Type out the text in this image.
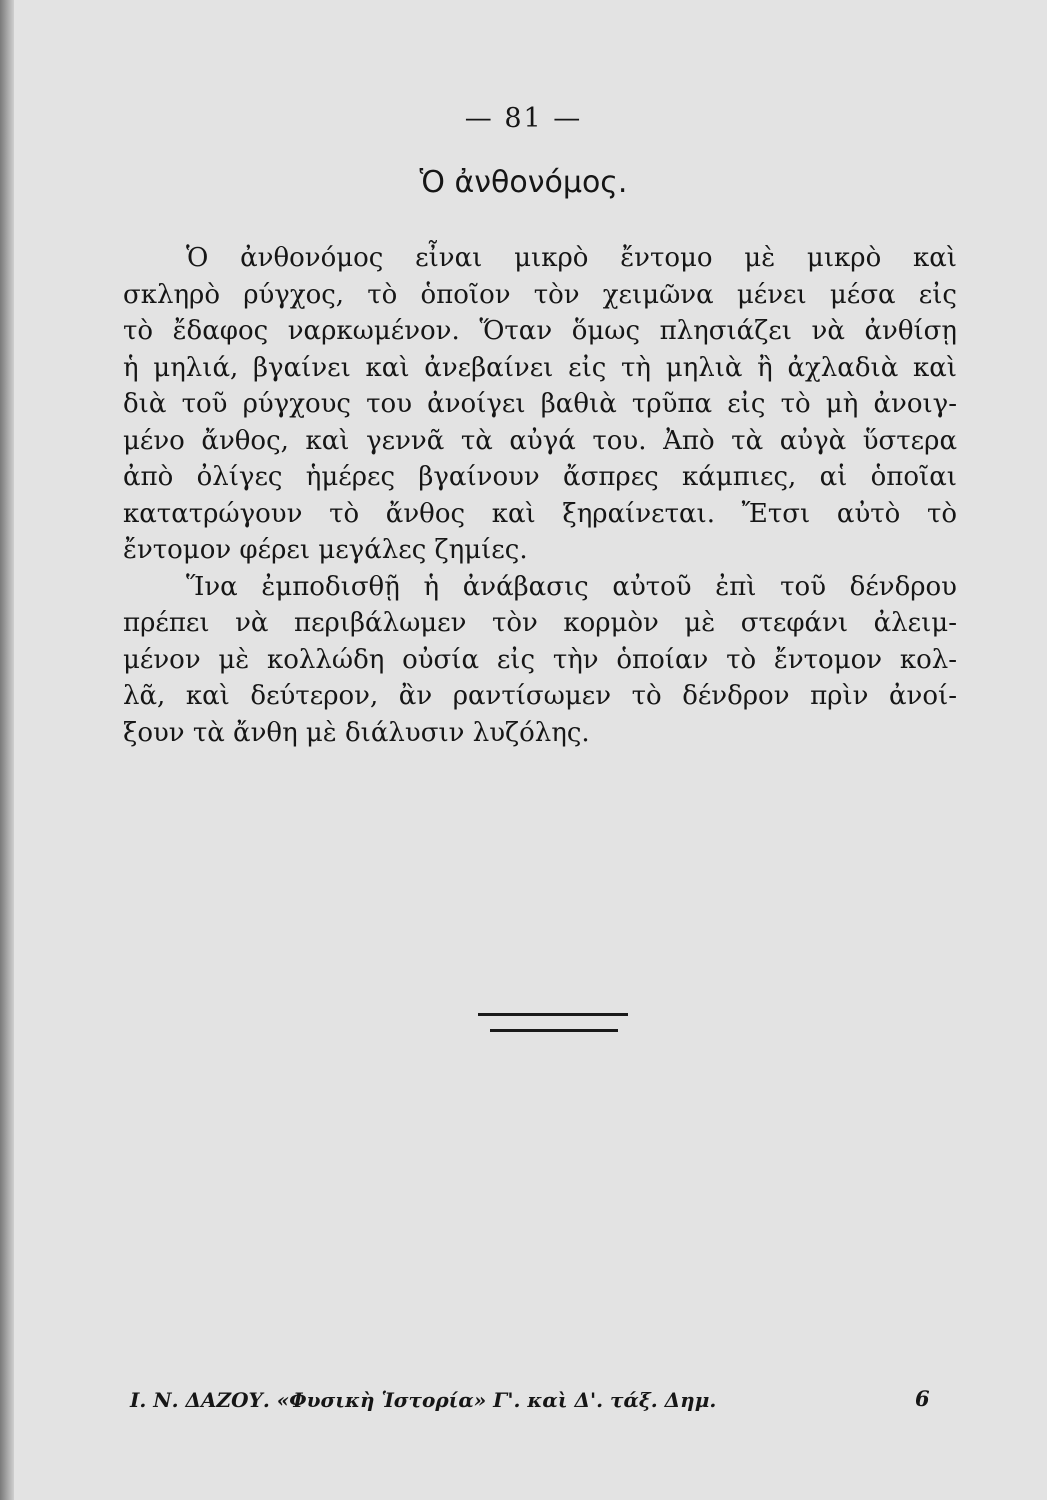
— 81 —
Ὁ ἀνθονόμος.
Ὁ ἀνθονόμος εἶναι μικρὸ ἔντομο μὲ μικρὸ καὶ
σκληρὸ ρύγχος, τὸ ὁποῖον τὸν χειμῶνα μένει μέσα εἰς
τὸ ἔδαφος ναρκωμένον. Ὅταν ὅμως πλησιάζει νὰ ἀνθίσῃ
ἡ μηλιά, βγαίνει καὶ ἀνεβαίνει εἰς τὴ μηλιὰ ἢ ἀχλαδιὰ καὶ
διὰ τοῦ ρύγχους του ἀνοίγει βαθιὰ τρῦπα εἰς τὸ μὴ ἀνοιγ-
μένο ἄνθος, καὶ γεννᾶ τὰ αὐγά του. Ἀπὸ τὰ αὐγὰ ὕστερα
ἀπὸ ὀλίγες ἡμέρες βγαίνουν ἄσπρες κάμπιες, αἱ ὁποῖαι
κατατρώγουν τὸ ἄνθος καὶ ξηραίνεται. Ἔτσι αὐτὸ τὸ
ἔντομον φέρει μεγάλες ζημίες.
Ἵνα ἐμποδισθῇ ἡ ἀνάβασις αὐτοῦ ἐπὶ τοῦ δένδρου
πρέπει νὰ περιβάλωμεν τὸν κορμὸν μὲ στεφάνι ἀλειμ-
μένον μὲ κολλώδη οὐσία εἰς τὴν ὁποίαν τὸ ἔντομον κολ-
λᾶ, καὶ δεύτερον, ἂν ραντίσωμεν τὸ δένδρον πρὶν ἀνοί-
ξουν τὰ ἄνθη μὲ διάλυσιν λυζόλης.
Ι. Ν. ΔΑΖΟΥ. «Φυσικὴ Ἱστορία» Γ'. καὶ Δ'. τάξ. Δημ.	6
